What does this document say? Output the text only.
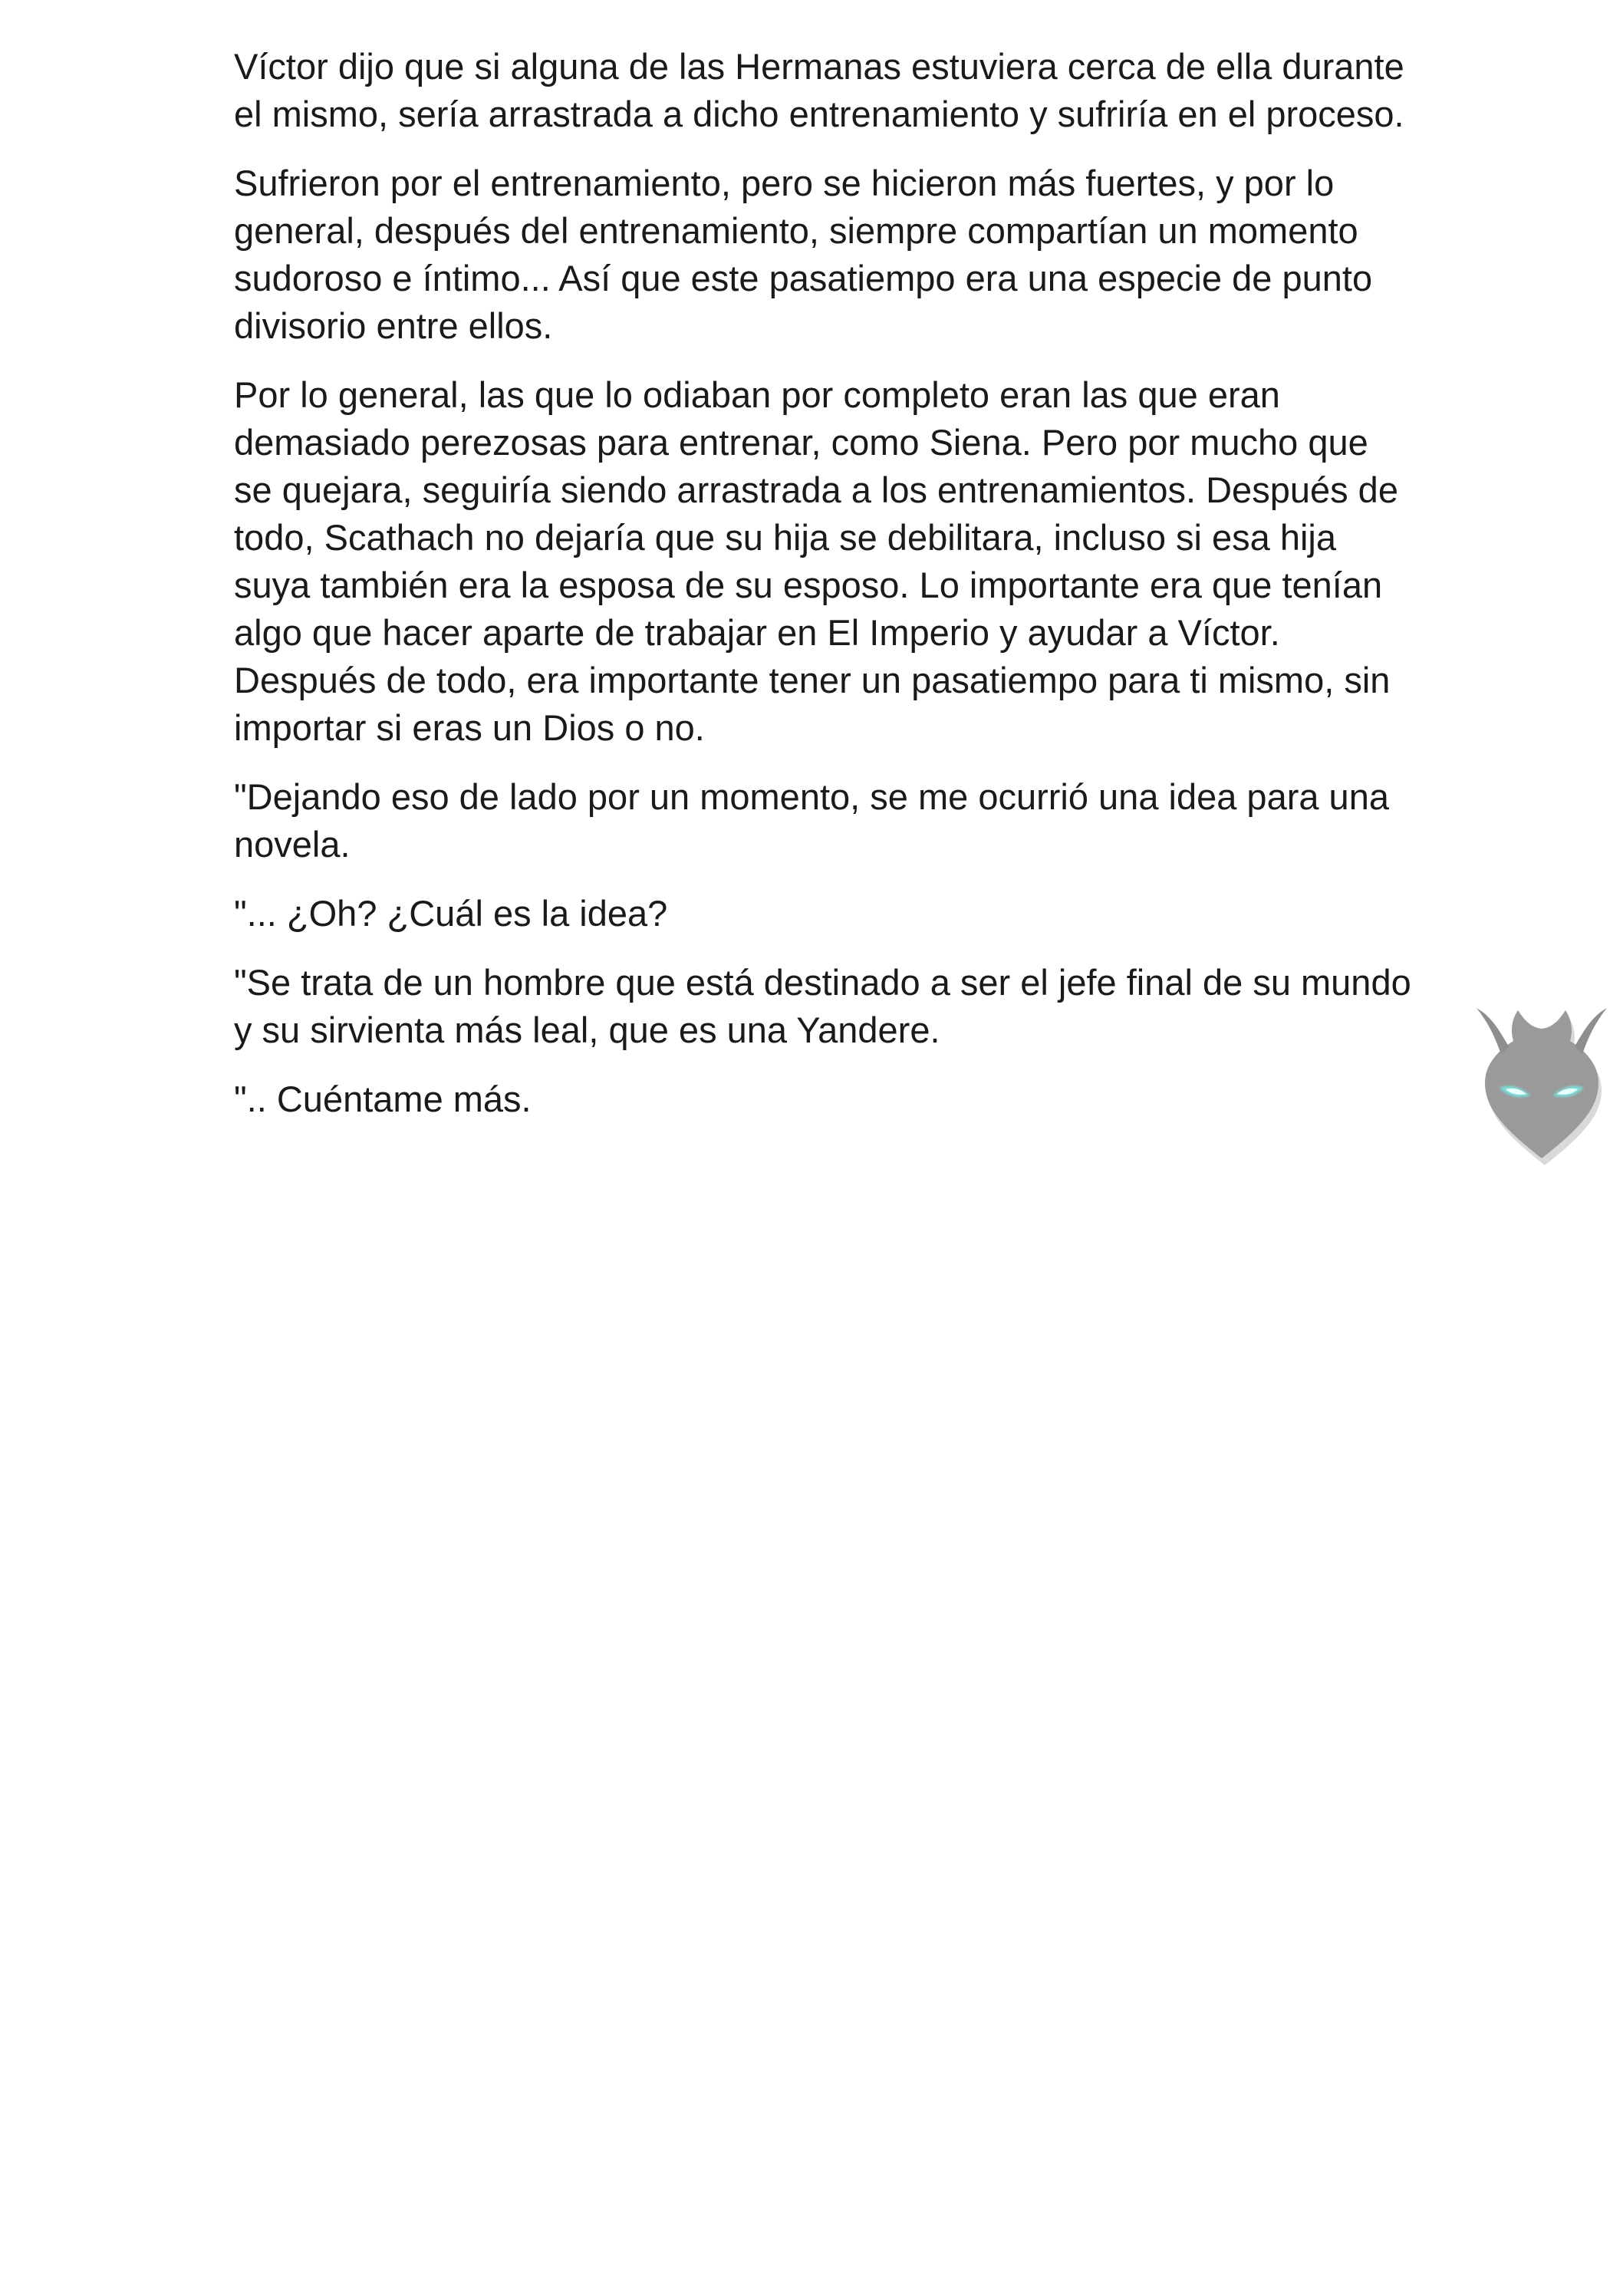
Víctor dijo que si alguna de las Hermanas estuviera cerca de ella durante el mismo, sería arrastrada a dicho entrenamiento y sufriría en el proceso.

Sufrieron por el entrenamiento, pero se hicieron más fuertes, y por lo general, después del entrenamiento, siempre compartían un momento sudoroso e íntimo... Así que este pasatiempo era una especie de punto divisorio entre ellos.

Por lo general, las que lo odiaban por completo eran las que eran demasiado perezosas para entrenar, como Siena. Pero por mucho que se quejara, seguiría siendo arrastrada a los entrenamientos. Después de todo, Scathach no dejaría que su hija se debilitara, incluso si esa hija suya también era la esposa de su esposo. Lo importante era que tenían algo que hacer aparte de trabajar en El Imperio y ayudar a Víctor. Después de todo, era importante tener un pasatiempo para ti mismo, sin importar si eras un Dios o no.

"Dejando eso de lado por un momento, se me ocurrió una idea para una novela.

"... ¿Oh? ¿Cuál es la idea?

"Se trata de un hombre que está destinado a ser el jefe final de su mundo y su sirvienta más leal, que es una Yandere.

".. Cuéntame más.
